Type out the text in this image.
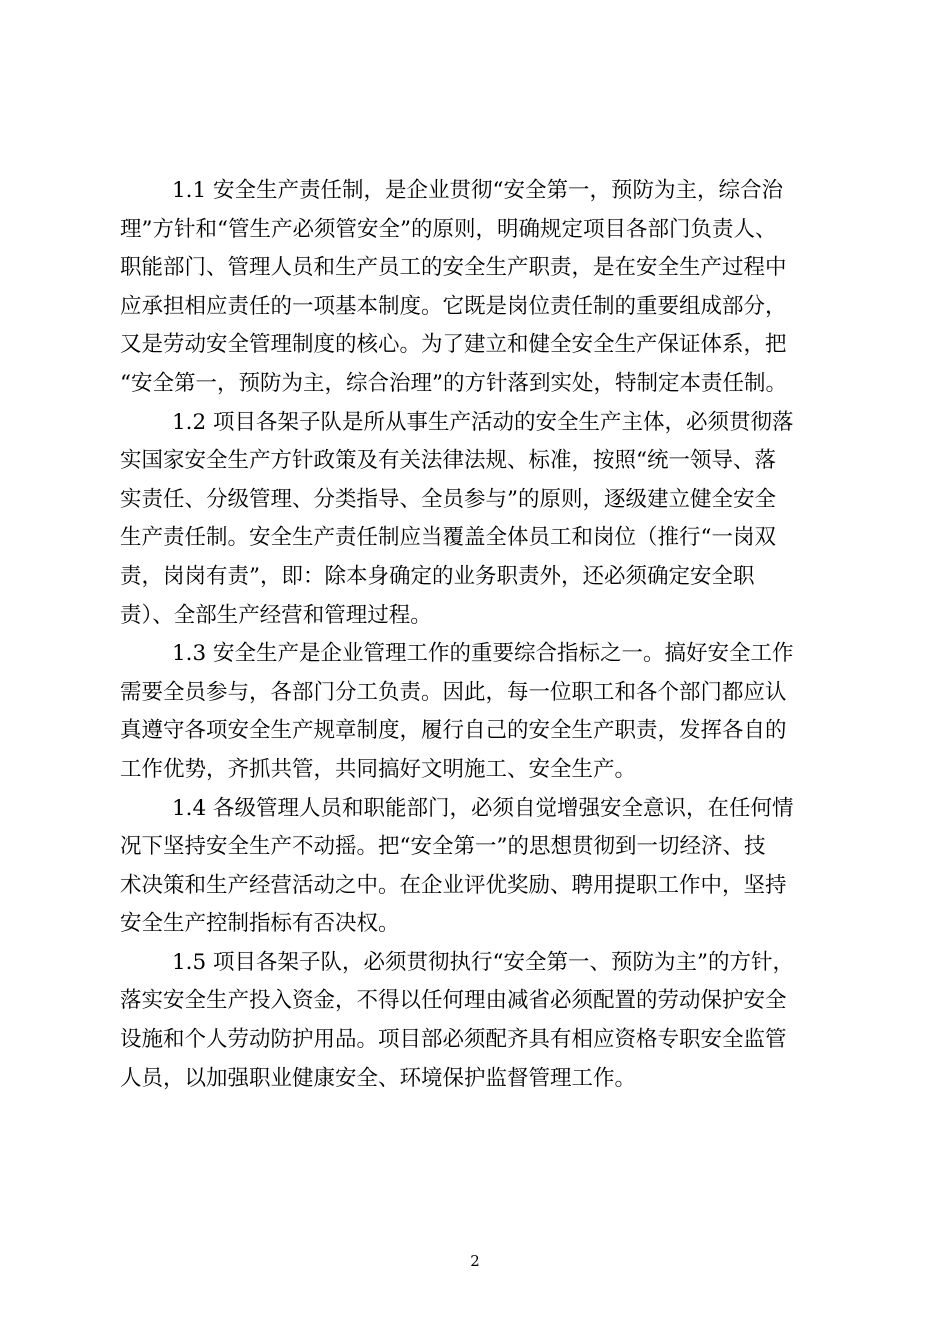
1.1 安全生产责任制，是企业贯彻“安全第一，预防为主，综合治
理”方针和“管生产必须管安全”的原则，明确规定项目各部门负责人、
职能部门、管理人员和生产员工的安全生产职责，是在安全生产过程中
应承担相应责任的一项基本制度。它既是岗位责任制的重要组成部分，
又是劳动安全管理制度的核心。为了建立和健全安全生产保证体系，把
“安全第一，预防为主，综合治理”的方针落到实处，特制定本责任制。
1.2 项目各架子队是所从事生产活动的安全生产主体，必须贯彻落
实国家安全生产方针政策及有关法律法规、标准，按照“统一领导、落
实责任、分级管理、分类指导、全员参与”的原则，逐级建立健全安全
生产责任制。安全生产责任制应当覆盖全体员工和岗位（推行“一岗双
责，岗岗有责”，即：除本身确定的业务职责外，还必须确定安全职
责）、全部生产经营和管理过程。
1.3 安全生产是企业管理工作的重要综合指标之一。搞好安全工作
需要全员参与，各部门分工负责。因此，每一位职工和各个部门都应认
真遵守各项安全生产规章制度，履行自己的安全生产职责，发挥各自的
工作优势，齐抓共管，共同搞好文明施工、安全生产。
1.4 各级管理人员和职能部门，必须自觉增强安全意识，在任何情
况下坚持安全生产不动摇。把“安全第一”的思想贯彻到一切经济、技
术决策和生产经营活动之中。在企业评优奖励、聘用提职工作中，坚持
安全生产控制指标有否决权。
1.5 项目各架子队，必须贯彻执行“安全第一、预防为主”的方针，
落实安全生产投入资金，不得以任何理由减省必须配置的劳动保护安全
设施和个人劳动防护用品。项目部必须配齐具有相应资格专职安全监管
人员，以加强职业健康安全、环境保护监督管理工作。
2
